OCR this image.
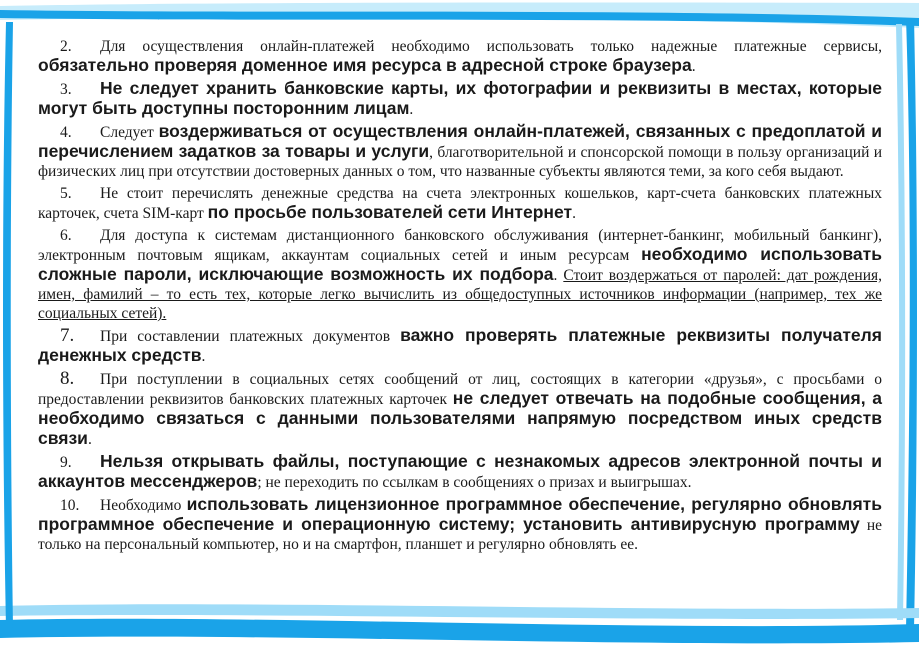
2. Для осуществления онлайн-платежей необходимо использовать только надежные платежные сервисы, обязательно проверяя доменное имя ресурса в адресной строке браузера.

3. Не следует хранить банковские карты, их фотографии и реквизиты в местах, которые могут быть доступны посторонним лицам.

4. Следует воздерживаться от осуществления онлайн-платежей, связанных с предоплатой и перечислением задатков за товары и услуги, благотворительной и спонсорской помощи в пользу организаций и физических лиц при отсутствии достоверных данных о том, что названные субъекты являются теми, за кого себя выдают.

5. Не стоит перечислять денежные средства на счета электронных кошельков, карт-счета банковских платежных карточек, счета SIM-карт по просьбе пользователей сети Интернет.

6. Для доступа к системам дистанционного банковского обслуживания (интернет-банкинг, мобильный банкинг), электронным почтовым ящикам, аккаунтам социальных сетей и иным ресурсам необходимо использовать сложные пароли, исключающие возможность их подбора. Стоит воздержаться от паролей: дат рождения, имен, фамилий – то есть тех, которые легко вычислить из общедоступных источников информации (например, тех же социальных сетей).

7. При составлении платежных документов важно проверять платежные реквизиты получателя денежных средств.

8. При поступлении в социальных сетях сообщений от лиц, состоящих в категории «друзья», с просьбами о предоставлении реквизитов банковских платежных карточек не следует отвечать на подобные сообщения, а необходимо связаться с данными пользователями напрямую посредством иных средств связи.

9. Нельзя открывать файлы, поступающие с незнакомых адресов электронной почты и аккаунтов мессенджеров; не переходить по ссылкам в сообщениях о призах и выигрышах.

10. Необходимо использовать лицензионное программное обеспечение, регулярно обновлять программное обеспечение и операционную систему; установить антивирусную программу не только на персональный компьютер, но и на смартфон, планшет и регулярно обновлять ее.
